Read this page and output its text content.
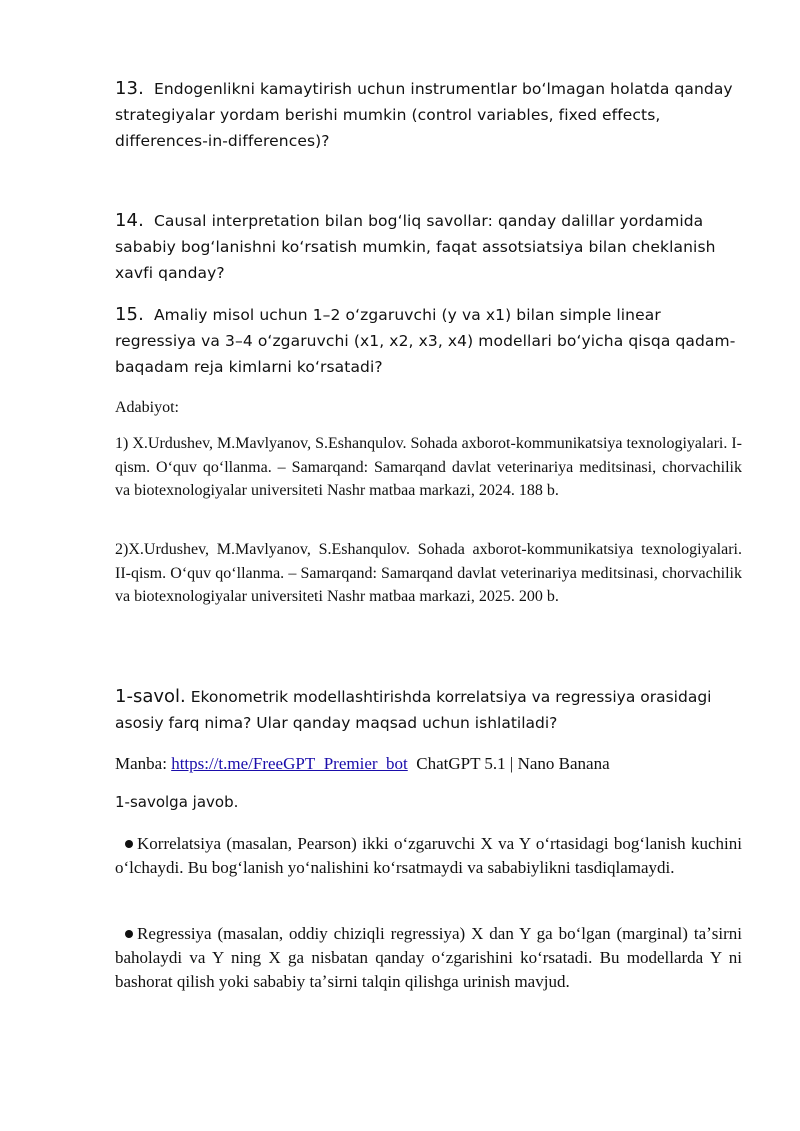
13. Endogenlikni kamaytirish uchun instrumentlar boʻlmagan holatda qanday strategiyalar yordam berishi mumkin (control variables, fixed effects, differences-in-differences)?
14. Causal interpretation bilan bogʻliq savollar: qanday dalillar yordamida sababiy bogʻlanishni koʻrsatish mumkin, faqat assotsiatsiya bilan cheklanish xavfi qanday?
15. Amaliy misol uchun 1–2 oʻzgaruvchi (y va x1) bilan simple linear regressiya va 3–4 oʻzgaruvchi (x1, x2, x3, x4) modellari boʻyicha qisqa qadam-baqadam reja kimlarni koʻrsatadi?
Adabiyot:
1) X.Urdushev, M.Mavlyanov, S.Eshanqulov. Sohada axborot-kommunikatsiya texnologiyalari. I-qism. Oʻquv qoʻllanma. – Samarqand: Samarqand davlat veterinariya meditsinasi, chorvachilik va biotexnologiyalar universiteti Nashr matbaa markazi, 2024. 188 b.
2)X.Urdushev, M.Mavlyanov, S.Eshanqulov. Sohada axborot-kommunikatsiya texnologiyalari. II-qism. Oʻquv qoʻllanma. – Samarqand: Samarqand davlat veterinariya meditsinasi, chorvachilik va biotexnologiyalar universiteti Nashr matbaa markazi, 2025. 200 b.
1-savol. Ekonometrik modellashtirishda korrelatsiya va regressiya orasidagi asosiy farq nima? Ular qanday maqsad uchun ishlatiladi?
Manba: https://t.me/FreeGPT_Premier_bot ChatGPT 5.1 | Nano Banana
1-savolga javob.
Korrelatsiya (masalan, Pearson) ikki oʻzgaruvchi X va Y oʻrtasidagi bogʻlanish kuchini oʻlchaydi. Bu bogʻlanish yoʻnalishini koʻrsatmaydi va sababiylikni tasdiqlamaydi.
Regressiya (masalan, oddiy chiziqli regressiya) X dan Y ga boʻlgan (marginal) taʼsirni baholaydi va Y ning X ga nisbatan qanday oʻzgarishini koʻrsatadi. Bu modellarda Y ni bashorat qilish yoki sababiy taʼsirni talqin qilishga urinish mavjud.
